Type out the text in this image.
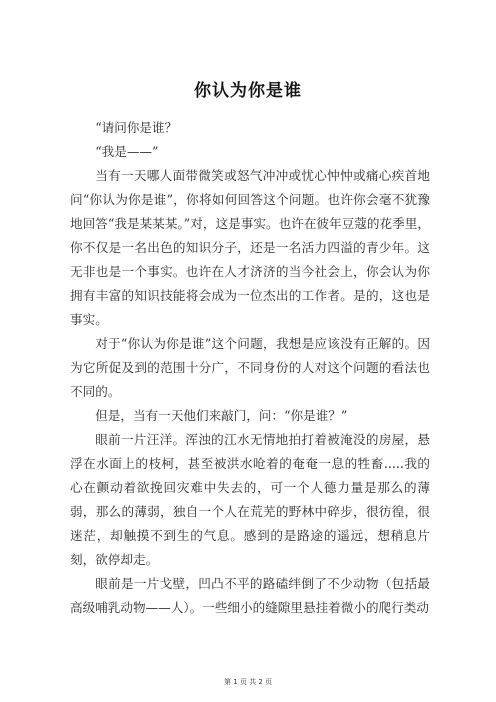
你认为你是谁

“请问你是谁？

“我是——”

当有一天哪人面带微笑或怒气冲冲或忧心忡忡或痛心疾首地问“你认为你是谁”，你将如何回答这个问题。也许你会毫不犹豫地回答“我是某某某。”对，这是事实。也许在彼年豆蔻的花季里，你不仅是一名出色的知识分子，还是一名活力四溢的青少年。这无非也是一个事实。也许在人才济济的当今社会上，你会认为你拥有丰富的知识技能将会成为一位杰出的工作者。是的，这也是事实。

对于“你认为你是谁”这个问题，我想是应该没有正解的。因为它所促及到的范围十分广，不同身份的人对这个问题的看法也不同的。

但是，当有一天他们来敲门，问：“你是谁？”

眼前一片汪洋。浑浊的江水无情地拍打着被淹没的房屋，悬浮在水面上的枝柯，甚至被洪水呛着的奄奄一息的牲畜.....我的心在颤动着欲挽回灾难中失去的，可一个人德力量是那么的薄弱，那么的薄弱，独自一个人在荒芜的野林中碎步，很彷徨，很迷茫，却触摸不到生的气息。感到的是路途的遥远，想稍息片刻，欲停却走。

眼前是一片戈壁，凹凸不平的路磕绊倒了不少动物（包括最高级哺乳动物——人）。一些细小的缝隙里悬挂着微小的爬行类动

第 1 页 共 2 页
